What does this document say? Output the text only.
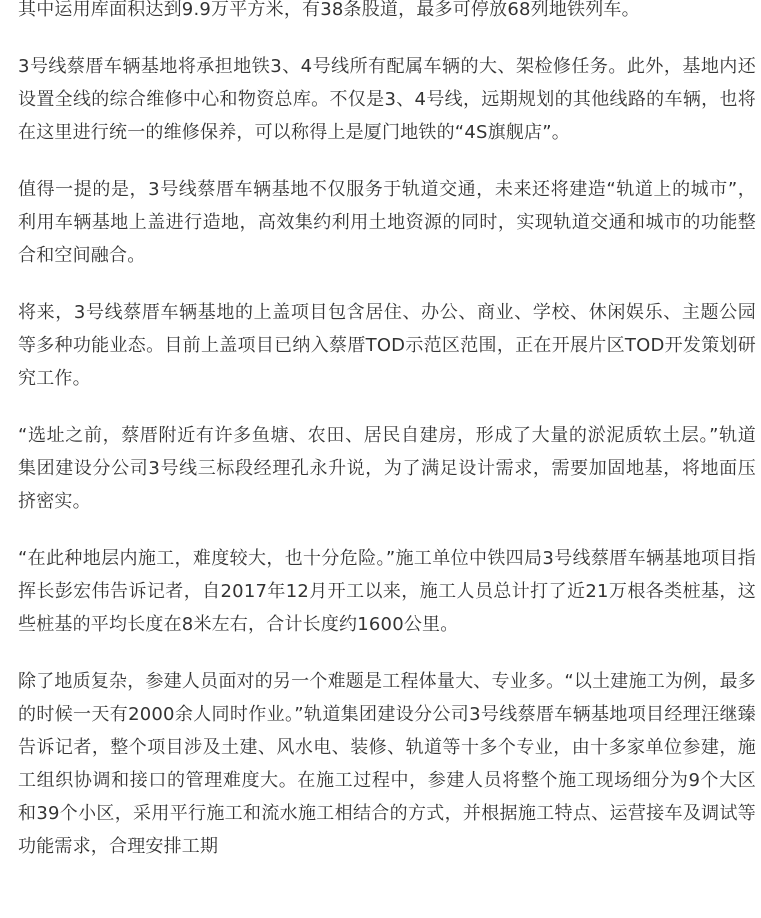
其中运用库面积达到9.9万平方米，有38条股道，最多可停放68列地铁列车。

3号线蔡厝车辆基地将承担地铁3、4号线所有配属车辆的大、架检修任务。此外，基地内还设置全线的综合维修中心和物资总库。不仅是3、4号线，远期规划的其他线路的车辆，也将在这里进行统一的维修保养，可以称得上是厦门地铁的“4S旗舰店”。

值得一提的是，3号线蔡厝车辆基地不仅服务于轨道交通，未来还将建造“轨道上的城市”，利用车辆基地上盖进行造地，高效集约利用土地资源的同时，实现轨道交通和城市的功能整合和空间融合。

将来，3号线蔡厝车辆基地的上盖项目包含居住、办公、商业、学校、休闲娱乐、主题公园等多种功能业态。目前上盖项目已纳入蔡厝TOD示范区范围，正在开展片区TOD开发策划研究工作。

“选址之前，蔡厝附近有许多鱼塘、农田、居民自建房，形成了大量的淤泥质软土层。”轨道集团建设分公司3号线三标段经理孔永升说，为了满足设计需求，需要加固地基，将地面压挤密实。

“在此种地层内施工，难度较大，也十分危险。”施工单位中铁四局3号线蔡厝车辆基地项目指挥长彭宏伟告诉记者，自2017年12月开工以来，施工人员总计打了近21万根各类桩基，这些桩基的平均长度在8米左右，合计长度约1600公里。

除了地质复杂，参建人员面对的另一个难题是工程体量大、专业多。“以土建施工为例，最多的时候一天有2000余人同时作业。”轨道集团建设分公司3号线蔡厝车辆基地项目经理汪继臻告诉记者，整个项目涉及土建、风水电、装修、轨道等十多个专业，由十多家单位参建，施工组织协调和接口的管理难度大。在施工过程中，参建人员将整个施工现场细分为9个大区和39个小区，采用平行施工和流水施工相结合的方式，并根据施工特点、运营接车及调试等功能需求，合理安排工期
